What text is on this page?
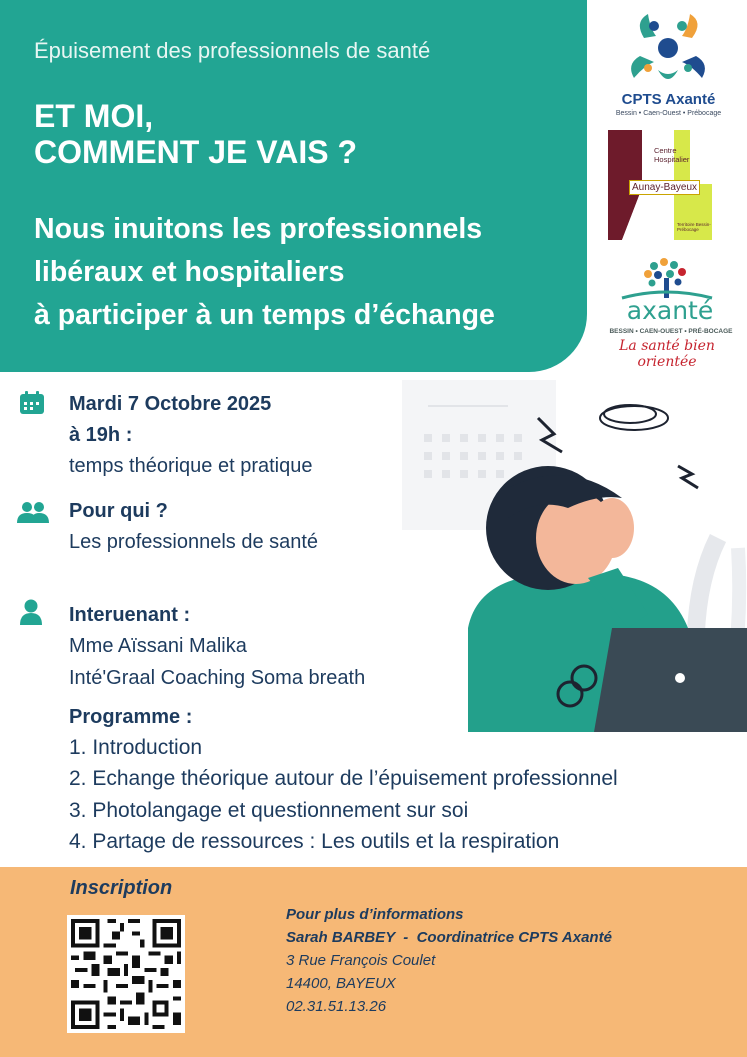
Épuisement des professionnels de santé
ET MOI,
COMMENT JE VAIS ?
Nous inuitons les professionnels
libéraux et hospitaliers
à participer à un temps d’échange
CPTS Axanté
Bessin • Caen-Ouest • Prébocage
Centre Hospitalier
Aunay-Bayeux
Territoire Bessin-Prébocage
axanté
BESSIN • CAEN-OUEST • PRÉ-BOCAGE
La santé bien orientée
Mardi 7 Octobre 2025
à 19h :
temps théorique et pratique
Pour qui ?
Les professionnels de santé
Interuenant :
Mme Aïssani Malika
Inté'Graal Coaching Soma breath
Programme :
1. Introduction
2. Echange théorique autour de l’épuisement professionnel
3. Photolangage et questionnement sur soi
4. Partage de ressources : Les outils et la respiration
Inscription
Pour plus d’informations
Sarah BARBEY  -  Coordinatrice CPTS Axanté
3 Rue François Coulet
14400, BAYEUX
02.31.51.13.26
